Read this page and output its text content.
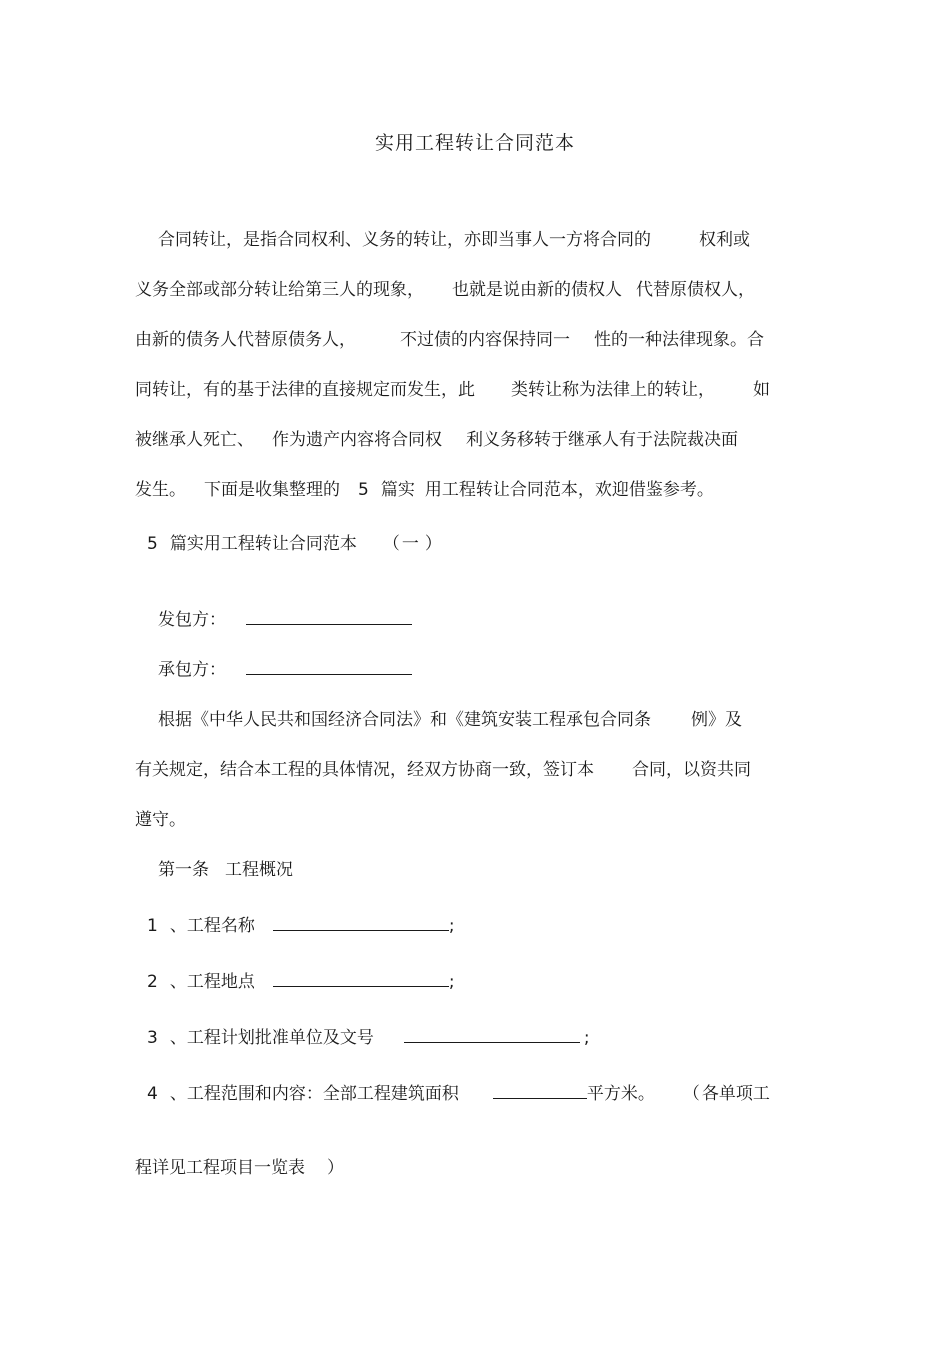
实用工程转让合同范本
合同转让，是指合同权利、义务的转让，亦即当事人一方将合同的	权利或
义务全部或部分转让给第三人的现象， 也就是说由新的债权人 代替原债权人，
由新的债务人代替原债务人，	不过债的内容保持同一 性的一种法律现象。合
同转让，有的基于法律的直接规定而发生，此 类转让称为法律上的转让， 如
被继承人死亡、 作为遗产内容将合同权 利义务移转于继承人有于法院裁决面
发生。 下面是收集整理的 5 篇实 用工程转让合同范本，欢迎借鉴参考。
5 篇实用工程转让合同范本 （ 一 ）
发包方：
承包方：
根据《中华人民共和国经济合同法》和《建筑安装工程承包合同条 例》及
有关规定，结合本工程的具体情况，经双方协商一致，签订本 合同，以资共同
遵守。
第一条 工程概况
1 、工程名称	;
2 、工程地点	;
3 、工程计划批准单位及文号	;
4 、工程范围和内容：全部工程建筑面积	平方米。 （ 各单项工
程详见工程项目一览表 ）
